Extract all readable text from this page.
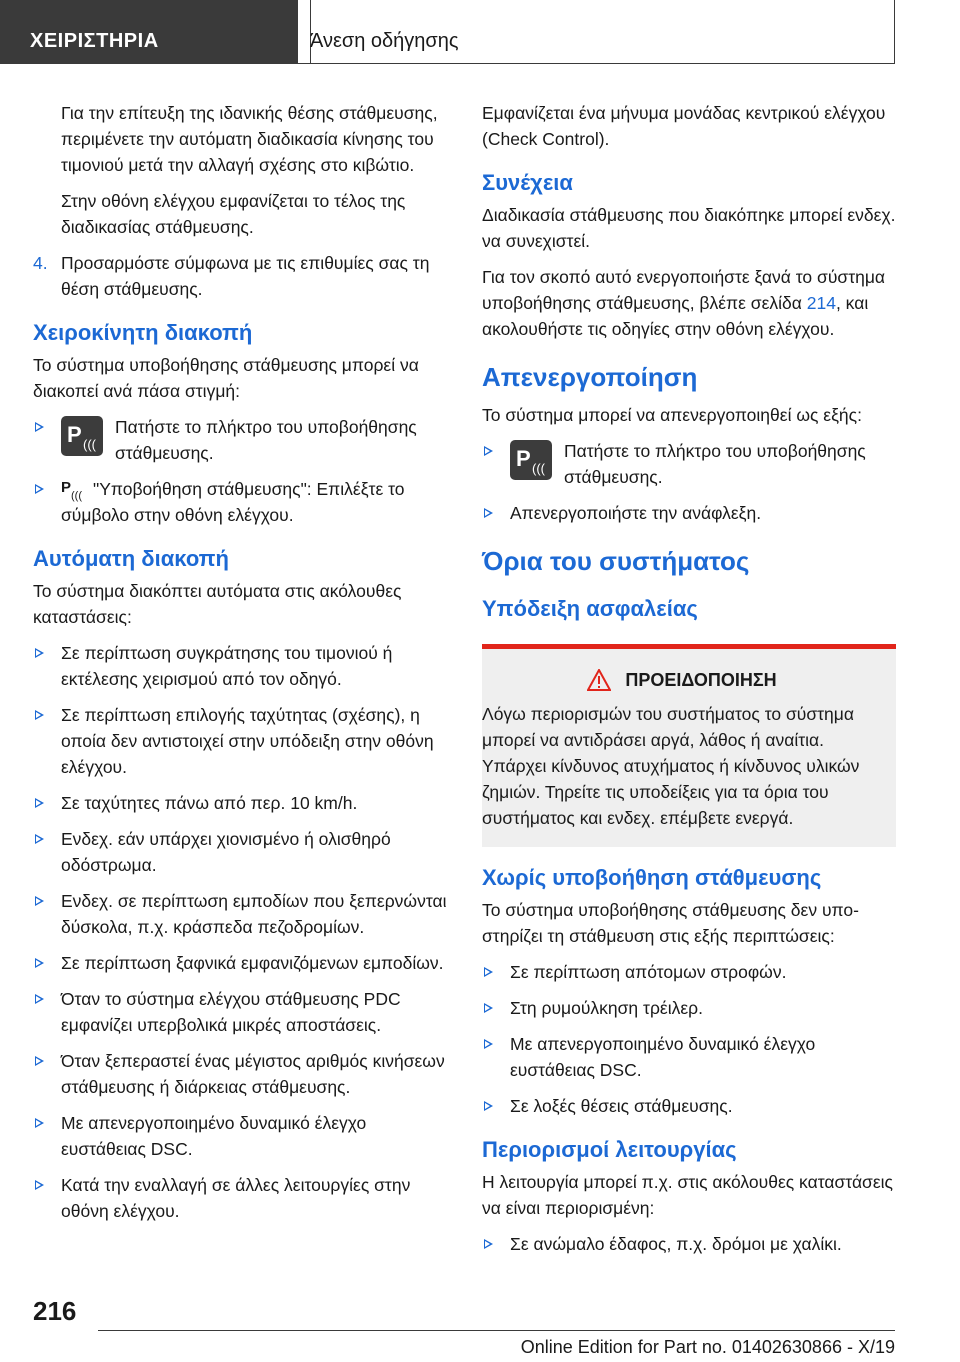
ΧΕΙΡΙΣΤΗΡΙΑ	Άνεση οδήγησης

Για την επίτευξη της ιδανικής θέσης στάθμευσης, περιμένετε την αυτόματη διαδικασία κίνησης του τιμονιού μετά την αλλαγή σχέσης στο κιβώτιο.

Στην οθόνη ελέγχου εμφανίζεται το τέλος της διαδικασίας στάθμευσης.

4. Προσαρμόστε σύμφωνα με τις επιθυμίες σας τη θέση στάθμευσης.
Χειροκίνητη διακοπή

Το σύστημα υποβοήθησης στάθμευσης μπορεί να διακοπεί ανά πάσα στιγμή:

P (((
Πατήστε το πλήκτρο του υποβοήθησης στάθμευσης.
P ((( "Υποβοήθηση στάθμευσης": Επιλέξτε το σύμβολο στην οθόνη ελέγχου.
Αυτόματη διακοπή

Το σύστημα διακόπτει αυτόματα στις ακόλουθες καταστάσεις:

Σε περίπτωση συγκράτησης του τιμονιού ή εκτέλεσης χειρισμού από τον οδηγό.
Σε περίπτωση επιλογής ταχύτητας (σχέσης), η οποία δεν αντιστοιχεί στην υπόδειξη στην οθόνη ελέγχου.
Σε ταχύτητες πάνω από περ. 10 km/h.
Ενδεχ. εάν υπάρχει χιονισμένο ή ολισθηρό οδόστρωμα.
Ενδεχ. σε περίπτωση εμποδίων που ξεπερνώνται δύσκολα, π.χ. κράσπεδα πεζοδρομίων.
Σε περίπτωση ξαφνικά εμφανιζόμενων εμποδίων.
Όταν το σύστημα ελέγχου στάθμευσης PDC εμφανίζει υπερβολικά μικρές αποστάσεις.
Όταν ξεπεραστεί ένας μέγιστος αριθμός κινήσεων στάθμευσης ή διάρκειας στάθμευσης.
Με απενεργοποιημένο δυναμικό έλεγχο ευστάθειας DSC.
Κατά την εναλλαγή σε άλλες λειτουργίες στην οθόνη ελέγχου.

Εμφανίζεται ένα μήνυμα μονάδας κεντρικού ελέγχου (Check Control).

Συνέχεια

Διαδικασία στάθμευσης που διακόπηκε μπορεί ενδεχ. να συνεχιστεί.

Για τον σκοπό αυτό ενεργοποιήστε ξανά το σύστημα υποβοήθησης στάθμευσης, βλέπε σελίδα 214, και ακολουθήστε τις οδηγίες στην οθόνη ελέγχου.

Απενεργοποίηση

Το σύστημα μπορεί να απενεργοποιηθεί ως εξής:

P (((
Πατήστε το πλήκτρο του υποβοήθησης στάθμευσης.
Απενεργοποιήστε την ανάφλεξη.
Όρια του συστήματος
Υπόδειξη ασφαλείας
ΠΡΟΕΙΔΟΠΟΙΗΣΗ

Λόγω περιορισμών του συστήματος το σύστημα μπορεί να αντιδράσει αργά, λάθος ή αναίτια. Υπάρχει κίνδυνος ατυχήματος ή κίνδυνος υλικών ζημιών. Τηρείτε τις υποδείξεις για τα όρια του συστήματος και ενδεχ. επέμβετε ενεργά.

Χωρίς υποβοήθηση στάθμευσης

Το σύστημα υποβοήθησης στάθμευσης δεν υποστηρίζει τη στάθμευση στις εξής περιπτώσεις:

Σε περίπτωση απότομων στροφών.
Στη ρυμούλκηση τρέιλερ.
Με απενεργοποιημένο δυναμικό έλεγχο ευστάθειας DSC.
Σε λοξές θέσεις στάθμευσης.
Περιορισμοί λειτουργίας

Η λειτουργία μπορεί π.χ. στις ακόλουθες καταστάσεις να είναι περιορισμένη:

Σε ανώμαλο έδαφος, π.χ. δρόμοι με χαλίκι.
216
Online Edition for Part no. 01402630866 - X/19
